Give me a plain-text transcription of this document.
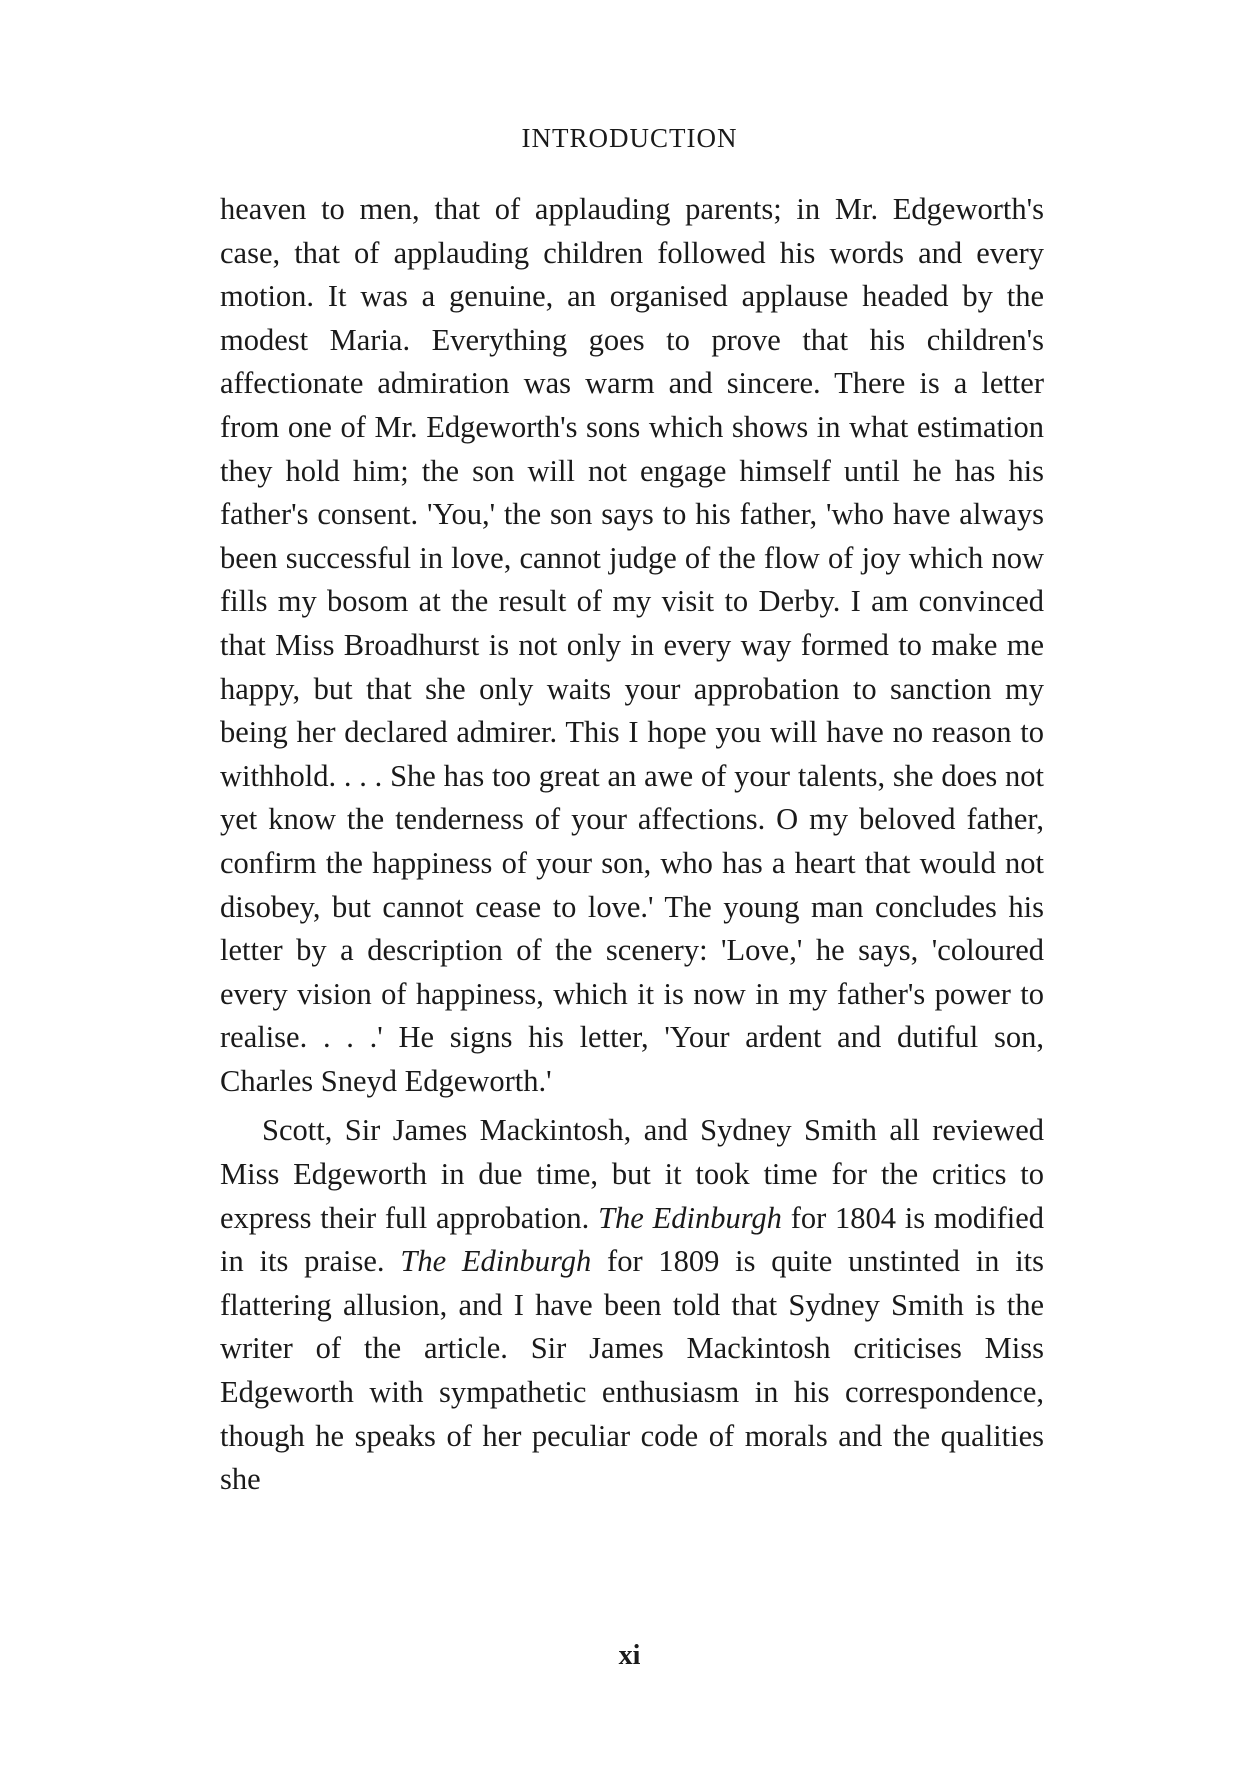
INTRODUCTION

heaven to men, that of applauding parents; in Mr. Edgeworth's case, that of applauding children followed his words and every motion. It was a genuine, an organised applause headed by the modest Maria. Everything goes to prove that his children's affectionate admiration was warm and sincere. There is a letter from one of Mr. Edgeworth's sons which shows in what estimation they hold him; the son will not engage himself until he has his father's consent. 'You,' the son says to his father, 'who have always been successful in love, cannot judge of the flow of joy which now fills my bosom at the result of my visit to Derby. I am convinced that Miss Broadhurst is not only in every way formed to make me happy, but that she only waits your approbation to sanction my being her declared admirer. This I hope you will have no reason to withhold. . . . She has too great an awe of your talents, she does not yet know the tenderness of your affections. O my beloved father, confirm the happiness of your son, who has a heart that would not disobey, but cannot cease to love.' The young man concludes his letter by a description of the scenery: 'Love,' he says, 'coloured every vision of happiness, which it is now in my father's power to realise. . . .' He signs his letter, 'Your ardent and dutiful son, Charles Sneyd Edgeworth.'

Scott, Sir James Mackintosh, and Sydney Smith all reviewed Miss Edgeworth in due time, but it took time for the critics to express their full approbation. The Edinburgh for 1804 is modified in its praise. The Edinburgh for 1809 is quite unstinted in its flattering allusion, and I have been told that Sydney Smith is the writer of the article. Sir James Mackintosh criticises Miss Edgeworth with sympathetic enthusiasm in his correspondence, though he speaks of her peculiar code of morals and the qualities she

xi
